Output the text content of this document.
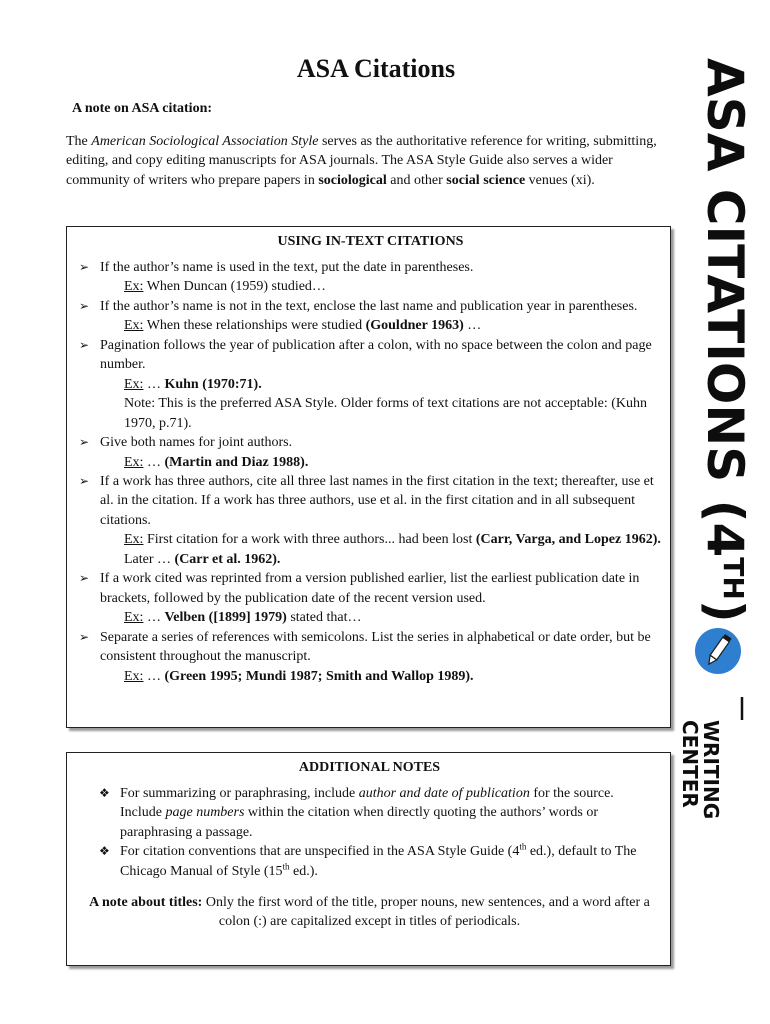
ASA Citations
A note on ASA citation:
The American Sociological Association Style serves as the authoritative reference for writing, submitting, editing, and copy editing manuscripts for ASA journals. The ASA Style Guide also serves a wider community of writers who prepare papers in sociological and other social science venues (xi).
USING IN-TEXT CITATIONS
➢ If the author’s name is used in the text, put the date in parentheses.
Ex: When Duncan (1959) studied…
➢ If the author’s name is not in the text, enclose the last name and publication year in parentheses.
Ex: When these relationships were studied (Gouldner 1963) …
➢ Pagination follows the year of publication after a colon, with no space between the colon and page number.
Ex: … Kuhn (1970:71).
Note: This is the preferred ASA Style. Older forms of text citations are not acceptable: (Kuhn 1970, p.71).
➢ Give both names for joint authors.
Ex: … (Martin and Diaz 1988).
➢ If a work has three authors, cite all three last names in the first citation in the text; thereafter, use et al. in the citation. If a work has three authors, use et al. in the first citation and in all subsequent citations.
Ex: First citation for a work with three authors... had been lost (Carr, Varga, and Lopez 1962). Later … (Carr et al. 1962).
➢ If a work cited was reprinted from a version published earlier, list the earliest publication date in brackets, followed by the publication date of the recent version used.
Ex: … Velben ([1899] 1979) stated that…
➢ Separate a series of references with semicolons. List the series in alphabetical or date order, but be consistent throughout the manuscript.
Ex: … (Green 1995; Mundi 1987; Smith and Wallop 1989).
ADDITIONAL NOTES
❖ For summarizing or paraphrasing, include author and date of publication for the source. Include page numbers within the citation when directly quoting the authors’ words or paraphrasing a passage.
❖ For citation conventions that are unspecified in the ASA Style Guide (4th ed.), default to The Chicago Manual of Style (15th ed.).
A note about titles: Only the first word of the title, proper nouns, new sentences, and a word after a colon (:) are capitalized except in titles of periodicals.
ASA CITATIONS (4TH)
WRITING
CENTER
